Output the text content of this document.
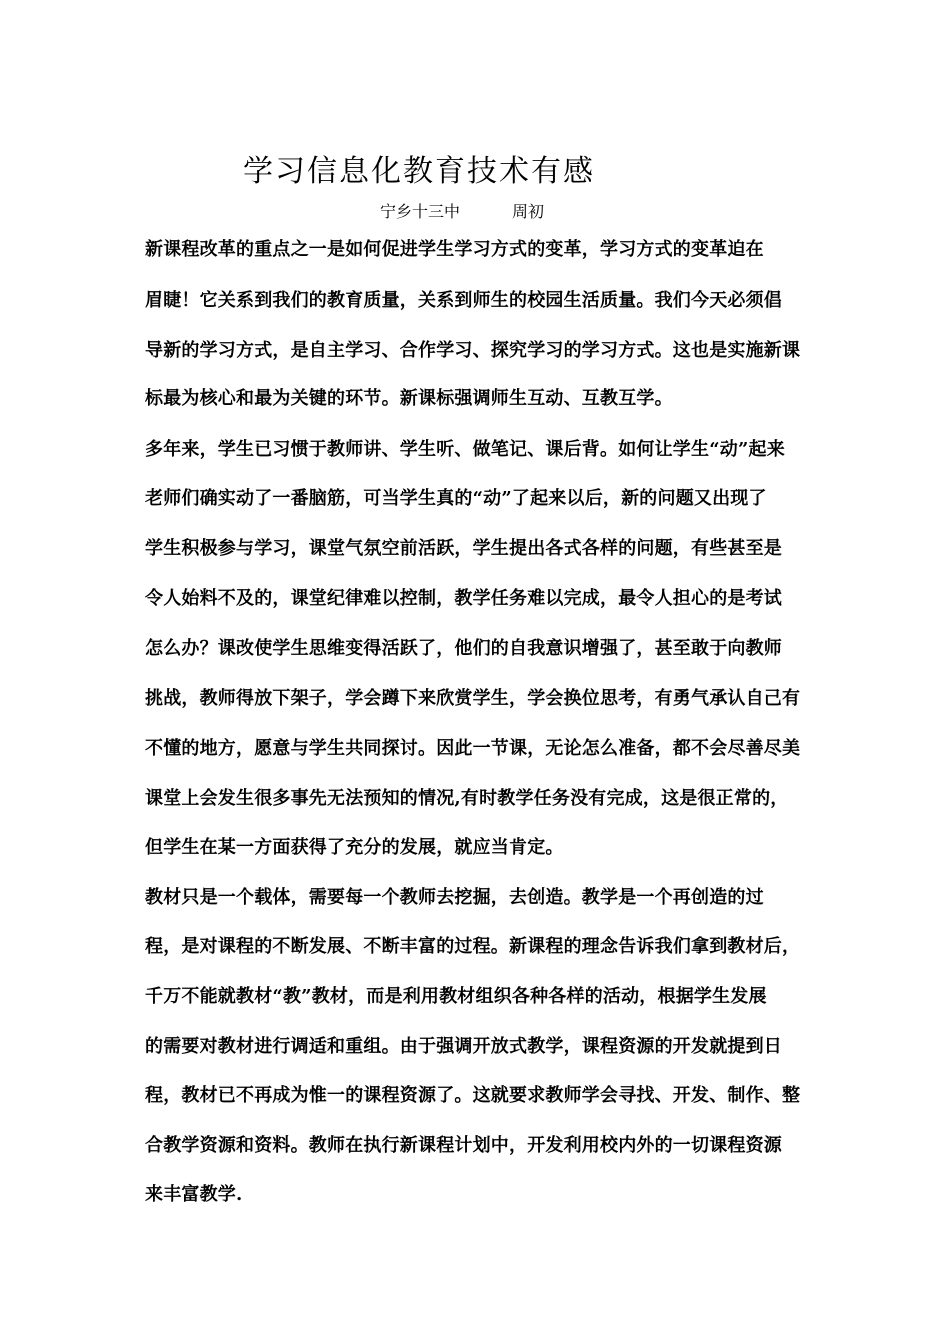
学习信息化教育技术有感
宁乡十三中	周初
新课程改革的重点之一是如何促进学生学习方式的变革，学习方式的变革迫在
眉睫！它关系到我们的教育质量，关系到师生的校园生活质量。我们今天必须倡
导新的学习方式，是自主学习、合作学习、探究学习的学习方式。这也是实施新课
标最为核心和最为关键的环节。新课标强调师生互动、互教互学。
多年来，学生已习惯于教师讲、学生听、做笔记、课后背。如何让学生“动”起来
老师们确实动了一番脑筋，可当学生真的“动”了起来以后，新的问题又出现了
学生积极参与学习，课堂气氛空前活跃，学生提出各式各样的问题，有些甚至是
令人始料不及的，课堂纪律难以控制，教学任务难以完成，最令人担心的是考试
怎么办？课改使学生思维变得活跃了，他们的自我意识增强了，甚至敢于向教师
挑战，教师得放下架子，学会蹲下来欣赏学生，学会换位思考，有勇气承认自己有
不懂的地方，愿意与学生共同探讨。因此一节课，无论怎么准备，都不会尽善尽美
课堂上会发生很多事先无法预知的情况,有时教学任务没有完成，这是很正常的，
但学生在某一方面获得了充分的发展，就应当肯定。
教材只是一个载体，需要每一个教师去挖掘，去创造。教学是一个再创造的过
程，是对课程的不断发展、不断丰富的过程。新课程的理念告诉我们拿到教材后，
千万不能就教材“教”教材，而是利用教材组织各种各样的活动，根据学生发展
的需要对教材进行调适和重组。由于强调开放式教学，课程资源的开发就提到日
程，教材已不再成为惟一的课程资源了。这就要求教师学会寻找、开发、制作、整
合教学资源和资料。教师在执行新课程计划中，开发利用校内外的一切课程资源
来丰富教学.
